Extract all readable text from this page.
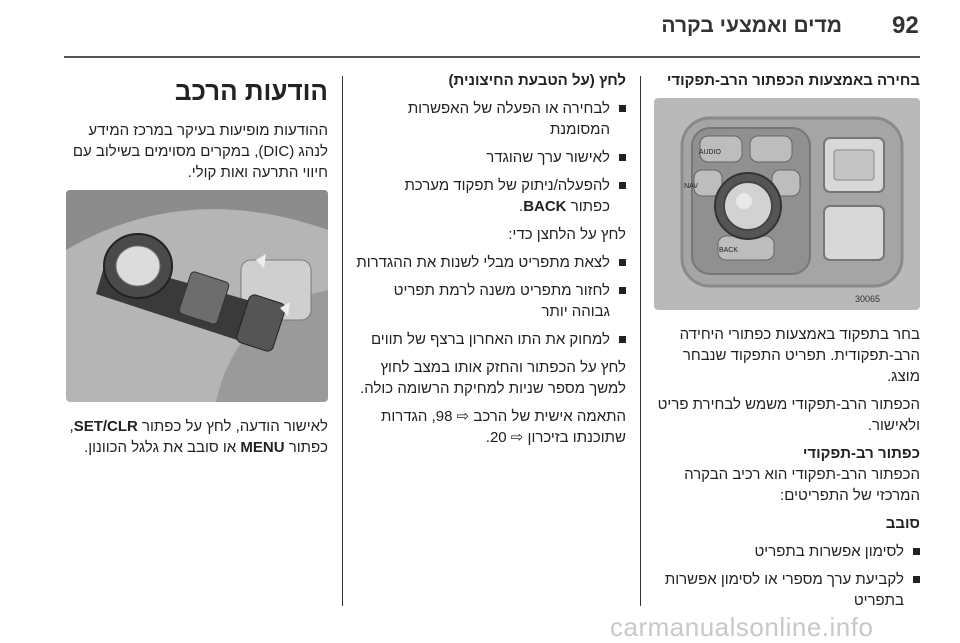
92
מדים ואמצעי בקרה

בחירה באמצעות הכפתור הרב-תפקודי

AUDIO
NAV
BACK
30065

בחר בתפקוד באמצעות כפתורי היחידה הרב-תפקודית. תפריט התפקוד שנבחר מוצג.

הכפתור הרב-תפקודי משמש לבחירת פריט ולאישור.

כפתור רב-תפקודי

הכפתור הרב-תפקודי הוא רכיב הבקרה המרכזי של התפריטים:

סובב

לסימון אפשרות בתפריט
לקביעת ערך מספרי או לסימון אפשרות בתפריט

לחץ (על הטבעת החיצונית)

לבחירה או הפעלה של האפשרות המסומנת
לאישור ערך שהוגדר
להפעלה/ניתוק של תפקוד מערכת
כפתור BACK.

לחץ על הלחצן כדי:

לצאת מתפריט מבלי לשנות את ההגדרות
לחזור מתפריט משנה לרמת תפריט גבוהה יותר
למחוק את התו האחרון ברצף של תווים

לחץ על הכפתור והחזק אותו במצב לחוץ למשך מספר שניות למחיקת הרשומה כולה.

התאמה אישית של הרכב ⇨ 98, הגדרות שתוכנתו בזיכרון ⇨ 20.

הודעות הרכב

ההודעות מופיעות בעיקר במרכז המידע לנהג (DIC), במקרים מסוימים בשילוב עם חיווי התרעה ואות קולי.

לאישור הודעה, לחץ על כפתור SET/CLR, כפתור MENU או סובב את גלגל הכוונון.

carmanualsonline.info
